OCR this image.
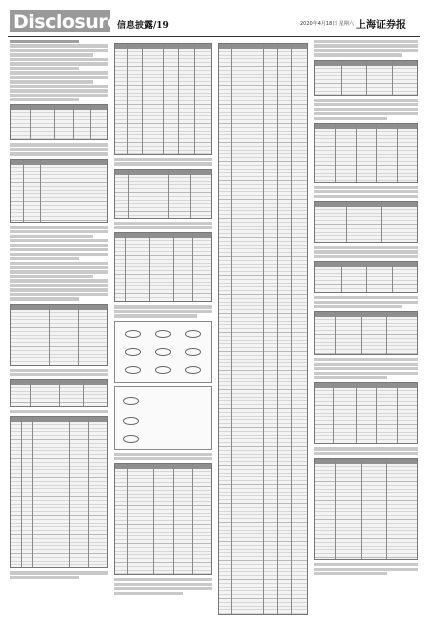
Disclosure
信息披露/19	2020年4月18日 星期六 上海证券报
